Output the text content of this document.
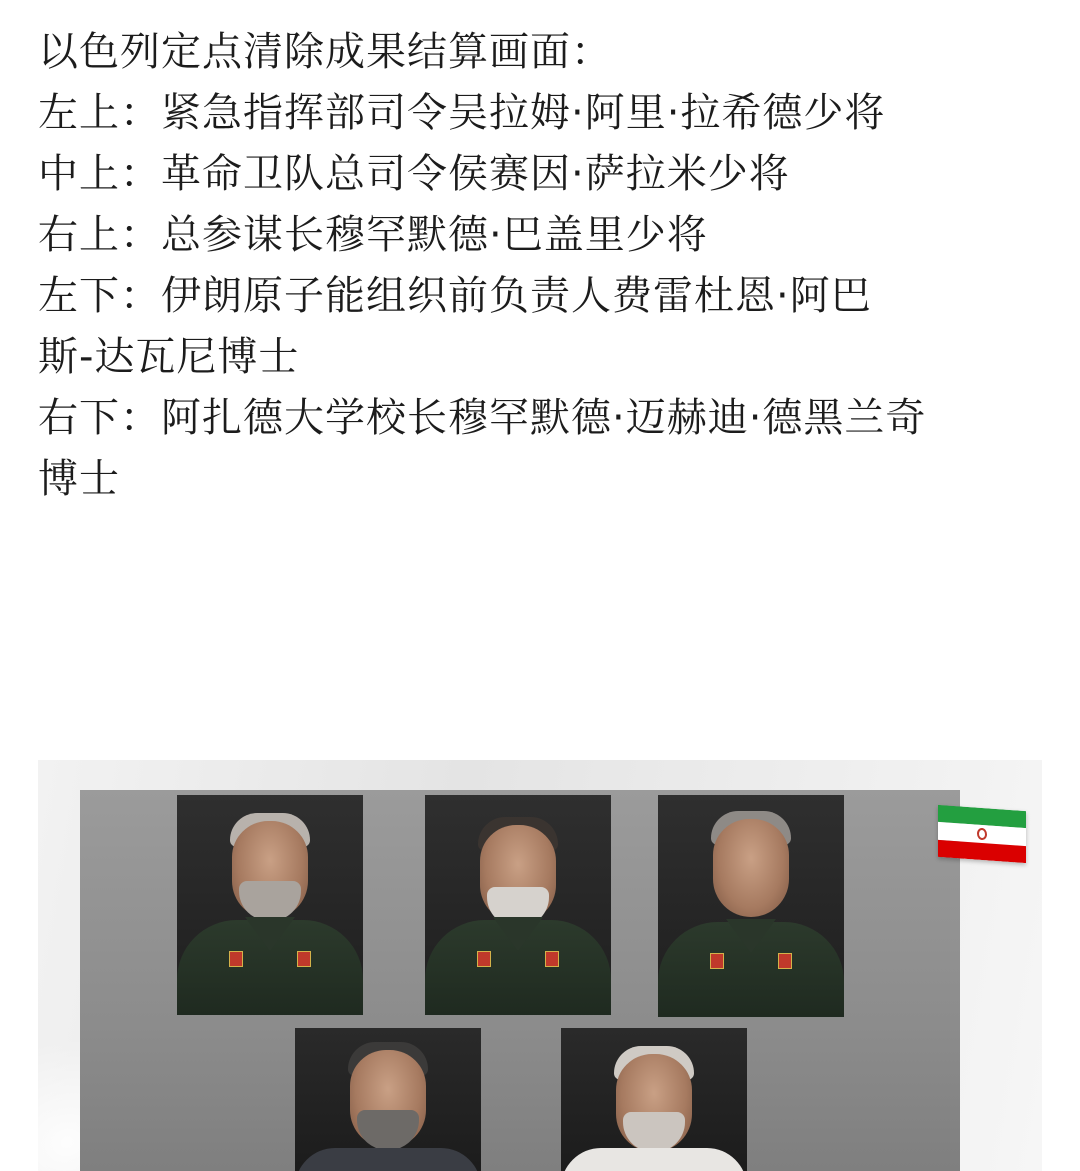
以色列定点清除成果结算画面：
左上：紧急指挥部司令吴拉姆·阿里·拉希德少将
中上：革命卫队总司令侯赛因·萨拉米少将
右上：总参谋长穆罕默德·巴盖里少将
左下：伊朗原子能组织前负责人费雷杜恩·阿巴
斯-达瓦尼博士
右下：阿扎德大学校长穆罕默德·迈赫迪·德黑兰奇
博士
